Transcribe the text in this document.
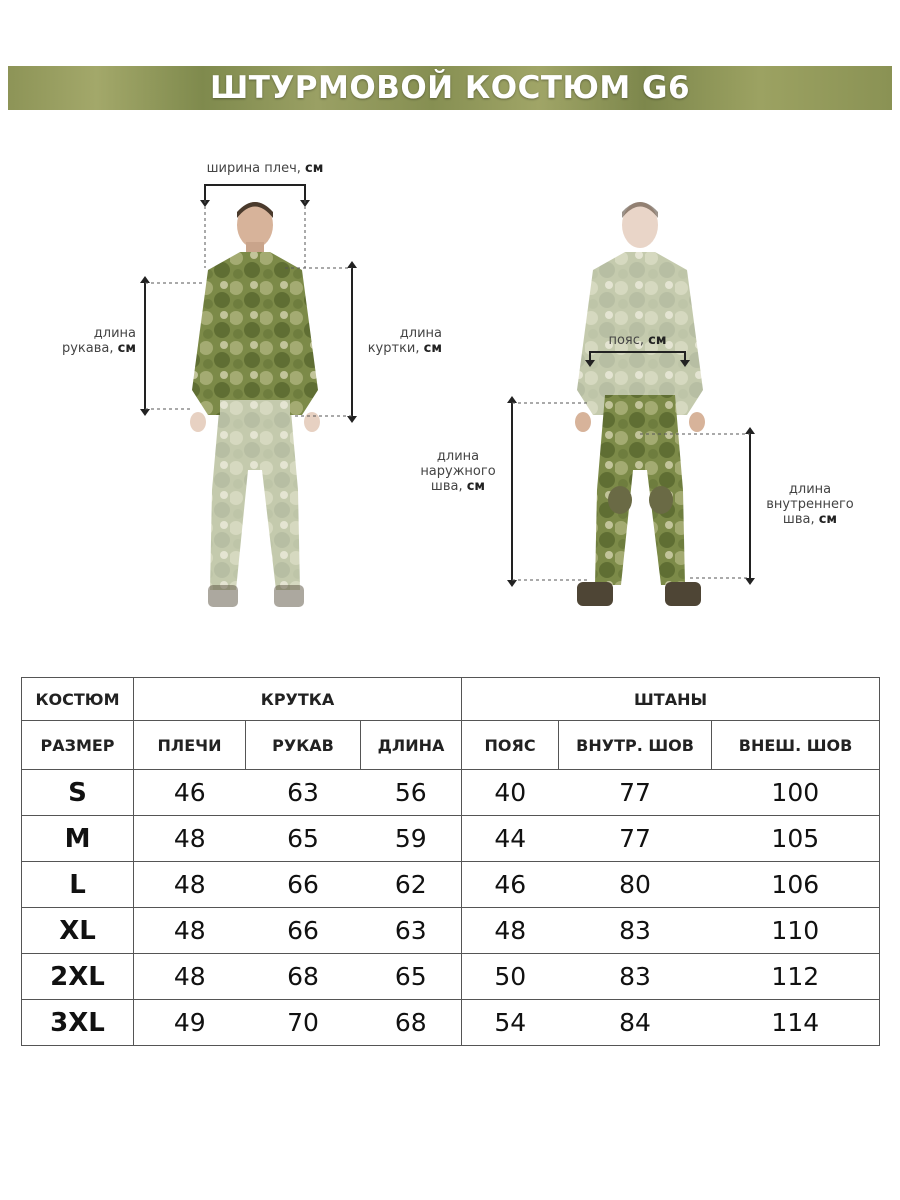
ШТУРМОВОЙ КОСТЮМ G6
ширина плеч, см
длина
рукава, см
длина
куртки, см
пояс, см
длина
наружного
шва, см	длина
внутреннего
шва, см
КОСТЮМ	КРУТКА			ШТАНЫ		
РАЗМЕР	ПЛЕЧИ	РУКАВ	ДЛИНА	ПОЯС	ВНУТР. ШОВ	ВНЕШ. ШОВ
S	46	63	56	40	77	100
M	48	65	59	44	77	105
L	48	66	62	46	80	106
XL	48	66	63	48	83	110
2XL	48	68	65	50	83	112
3XL	49	70	68	54	84	114
